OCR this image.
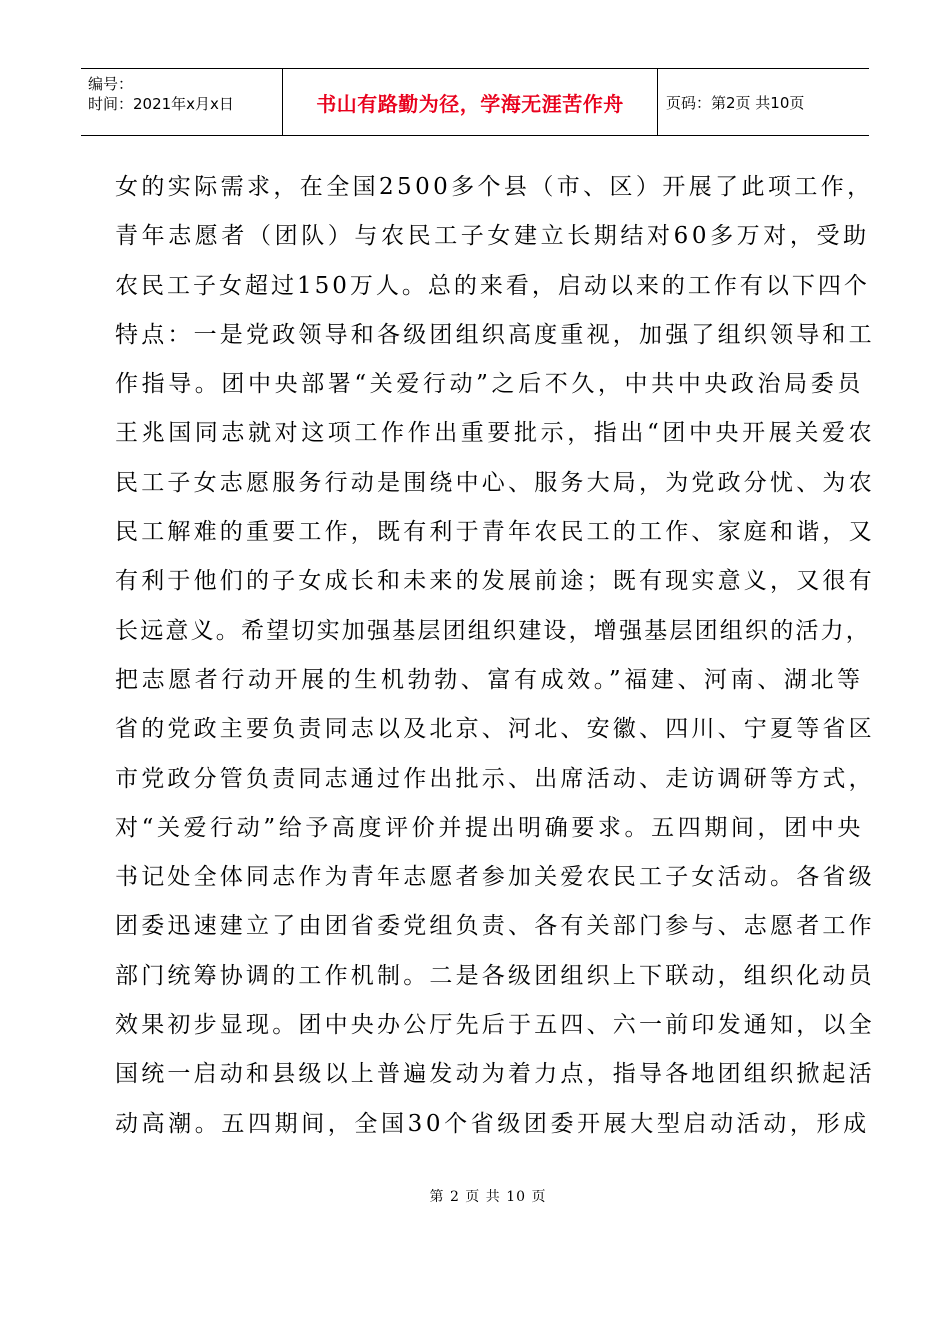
编号：
时间：2021年x月x日	书山有路勤为径，学海无涯苦作舟	页码：第2页 共10页
女的实际需求，在全国2500多个县（市、区）开展了此项工作，
青年志愿者（团队）与农民工子女建立长期结对60多万对，受助
农民工子女超过150万人。总的来看，启动以来的工作有以下四个
特点：一是党政领导和各级团组织高度重视，加强了组织领导和工
作指导。团中央部署“关爱行动”之后不久，中共中央政治局委员
王兆国同志就对这项工作作出重要批示，指出“团中央开展关爱农
民工子女志愿服务行动是围绕中心、服务大局，为党政分忧、为农
民工解难的重要工作，既有利于青年农民工的工作、家庭和谐，又
有利于他们的子女成长和未来的发展前途；既有现实意义，又很有
长远意义。希望切实加强基层团组织建设，增强基层团组织的活力，
把志愿者行动开展的生机勃勃、富有成效。”福建、河南、湖北等
省的党政主要负责同志以及北京、河北、安徽、四川、宁夏等省区
市党政分管负责同志通过作出批示、出席活动、走访调研等方式，
对“关爱行动”给予高度评价并提出明确要求。五四期间，团中央
书记处全体同志作为青年志愿者参加关爱农民工子女活动。各省级
团委迅速建立了由团省委党组负责、各有关部门参与、志愿者工作
部门统筹协调的工作机制。二是各级团组织上下联动，组织化动员
效果初步显现。团中央办公厅先后于五四、六一前印发通知，以全
国统一启动和县级以上普遍发动为着力点，指导各地团组织掀起活
动高潮。五四期间，全国30个省级团委开展大型启动活动，形成
第 2 页 共 10 页
